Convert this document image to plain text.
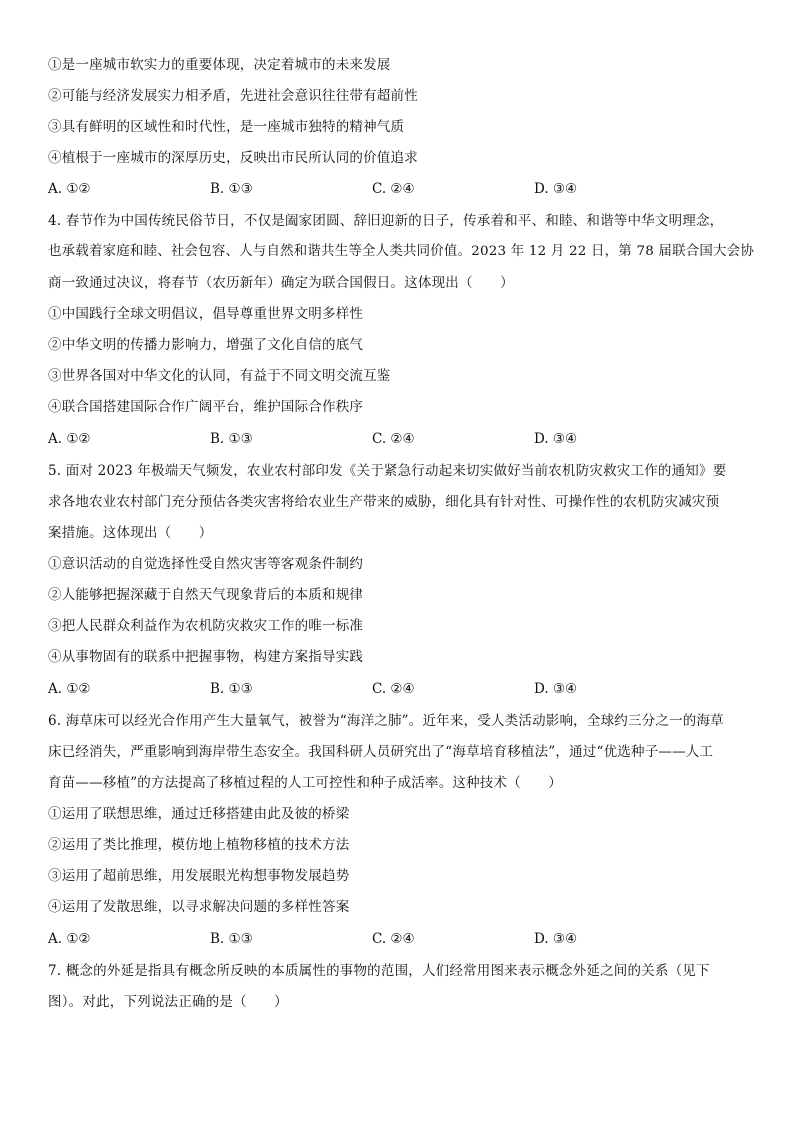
①是一座城市软实力的重要体现，决定着城市的未来发展
②可能与经济发展实力相矛盾，先进社会意识往往带有超前性
③具有鲜明的区域性和时代性，是一座城市独特的精神气质
④植根于一座城市的深厚历史，反映出市民所认同的价值追求
A. ①②	B. ①③	C. ②④	D. ③④
4. 春节作为中国传统民俗节日，不仅是阖家团圆、辞旧迎新的日子，传承着和平、和睦、和谐等中华文明理念，
也承载着家庭和睦、社会包容、人与自然和谐共生等全人类共同价值。2023 年 12 月 22 日，第 78 届联合国大会协
商一致通过决议，将春节（农历新年）确定为联合国假日。这体现出（　　）
①中国践行全球文明倡议，倡导尊重世界文明多样性
②中华文明的传播力影响力，增强了文化自信的底气
③世界各国对中华文化的认同，有益于不同文明交流互鉴
④联合国搭建国际合作广阔平台，维护国际合作秩序
A. ①②	B. ①③	C. ②④	D. ③④
5. 面对 2023 年极端天气频发，农业农村部印发《关于紧急行动起来切实做好当前农机防灾救灾工作的通知》要
求各地农业农村部门充分预估各类灾害将给农业生产带来的威胁，细化具有针对性、可操作性的农机防灾减灾预
案措施。这体现出（　　）
①意识活动的自觉选择性受自然灾害等客观条件制约
②人能够把握深藏于自然天气现象背后的本质和规律
③把人民群众利益作为农机防灾救灾工作的唯一标准
④从事物固有的联系中把握事物，构建方案指导实践
A. ①②	B. ①③	C. ②④	D. ③④
6. 海草床可以经光合作用产生大量氧气，被誉为“海洋之肺”。近年来，受人类活动影响，全球约三分之一的海草
床已经消失，严重影响到海岸带生态安全。我国科研人员研究出了“海草培育移植法”，通过“优选种子——人工
育苗——移植”的方法提高了移植过程的人工可控性和种子成活率。这种技术（　　）
①运用了联想思维，通过迁移搭建由此及彼的桥梁
②运用了类比推理，模仿地上植物移植的技术方法
③运用了超前思维，用发展眼光构想事物发展趋势
④运用了发散思维，以寻求解决问题的多样性答案
A. ①②	B. ①③	C. ②④	D. ③④
7. 概念的外延是指具有概念所反映的本质属性的事物的范围，人们经常用图来表示概念外延之间的关系（见下
图）。对此，下列说法正确的是（　　）
